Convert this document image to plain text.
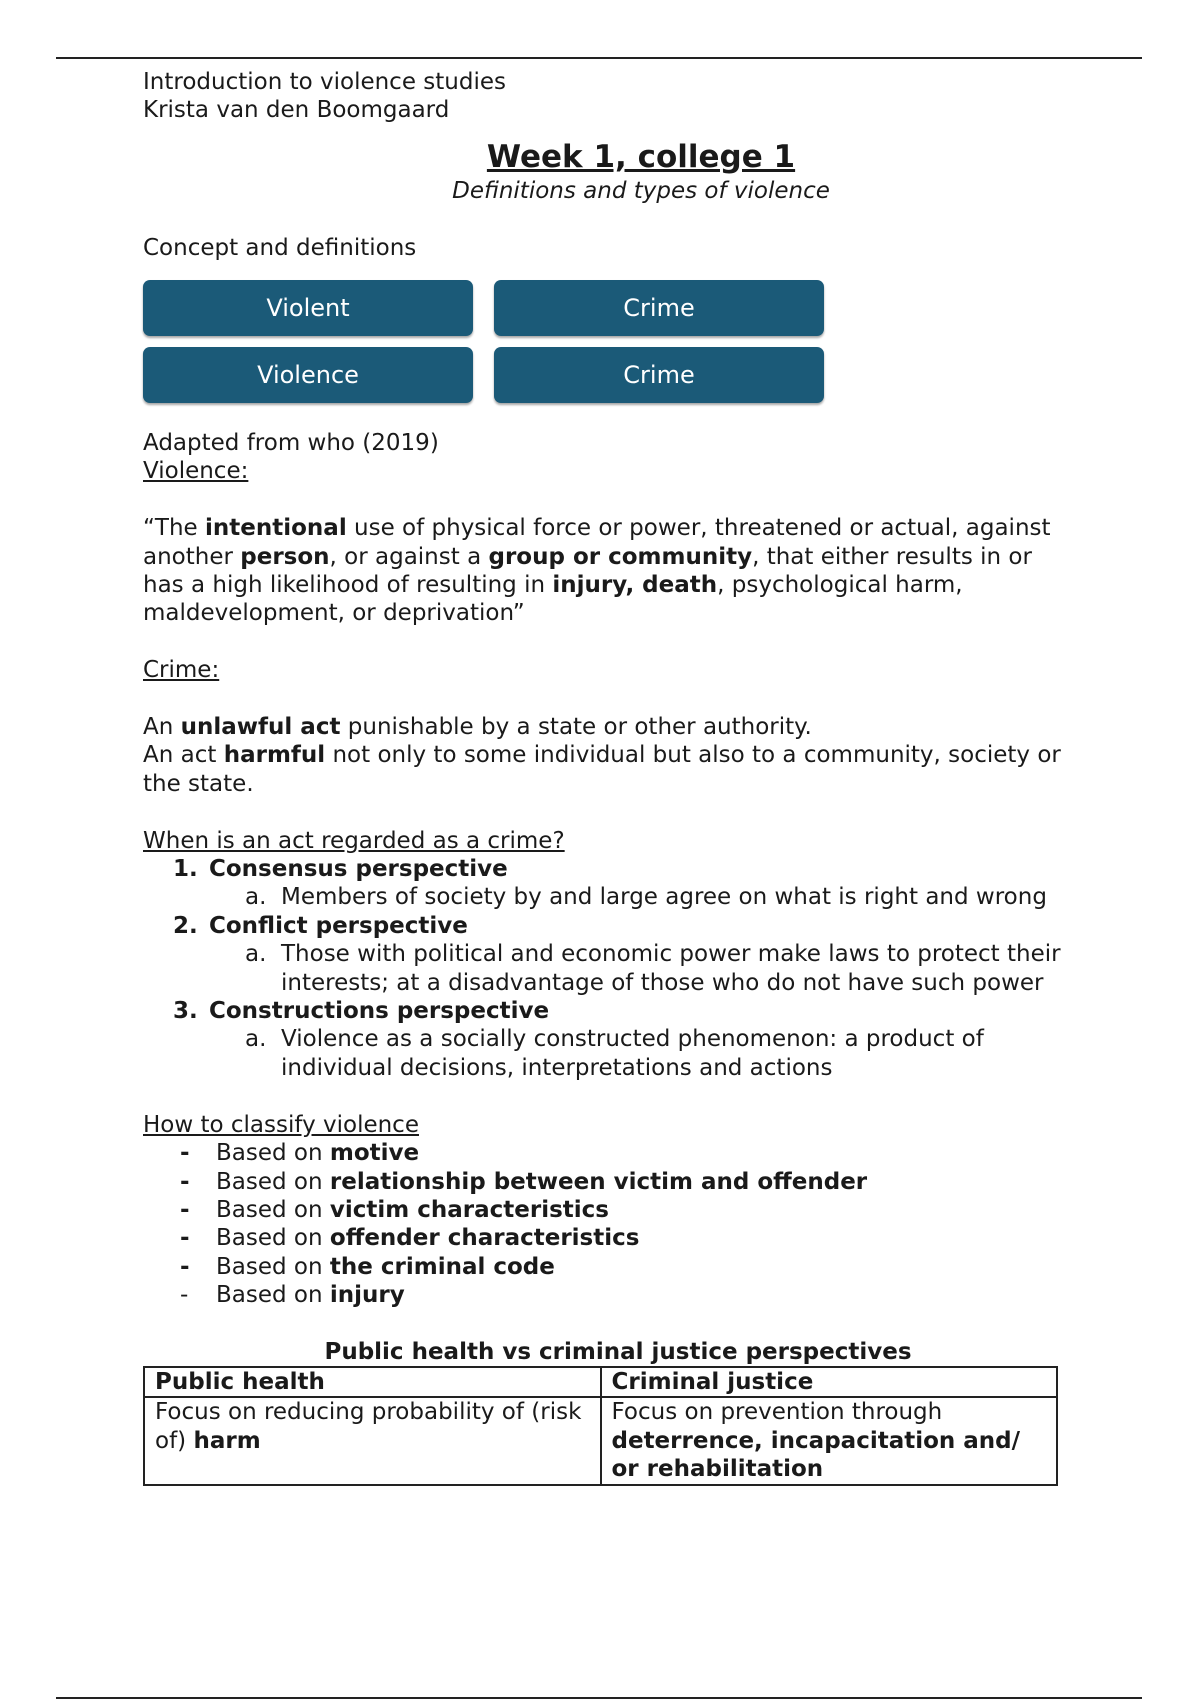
Introduction to violence studies

Krista van den Boomgaard

Week 1, college 1

Definitions and types of violence

Concept and definitions

Violent	Crime
Violence	Crime

Adapted from who (2019)

Violence:

“The intentional use of physical force or power, threatened or actual, against another person, or against a group or community, that either results in or has a high likelihood of resulting in injury, death, psychological harm, maldevelopment, or deprivation”

Crime:

An unlawful act punishable by a state or other authority.

An act harmful not only to some individual but also to a community, society or the state.

When is an act regarded as a crime?

1. Consensus perspective
a. Members of society by and large agree on what is right and wrong
2. Conflict perspective
a. Those with political and economic power make laws to protect their interests; at a disadvantage of those who do not have such power
3. Constructions perspective
a. Violence as a socially constructed phenomenon: a product of individual decisions, interpretations and actions

How to classify violence

- Based on motive
- Based on relationship between victim and offender
- Based on victim characteristics
- Based on offender characteristics
- Based on the criminal code
- Based on injury

Public health vs criminal justice perspectives

Public health	Criminal justice
Focus on reducing probability of (risk of) harm	Focus on prevention through deterrence, incapacitation and/ or rehabilitation
